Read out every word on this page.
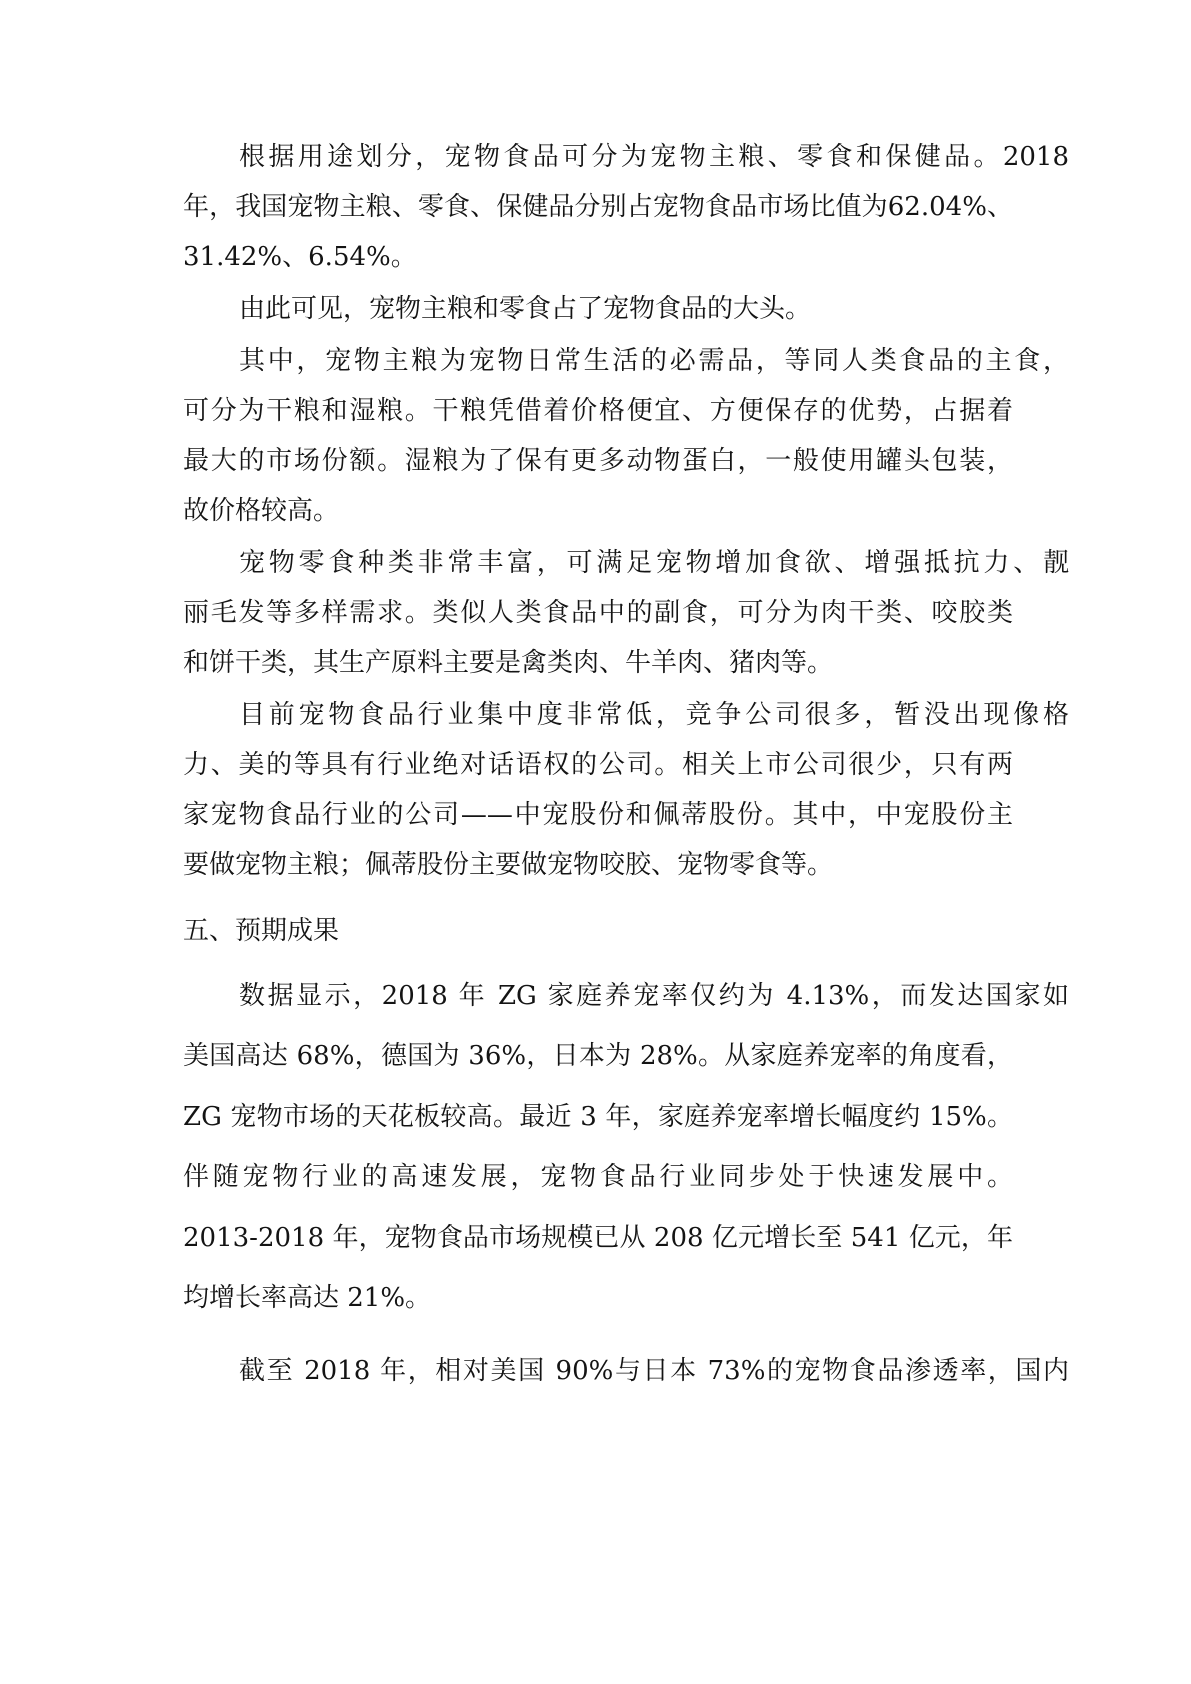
根据用途划分，宠物食品可分为宠物主粮、零食和保健品。2018

年，我国宠物主粮、零食、保健品分别占宠物食品市场比值为62.04%、

31.42%、6.54%。

由此可见，宠物主粮和零食占了宠物食品的大头。

其中，宠物主粮为宠物日常生活的必需品，等同人类食品的主食，

可分为干粮和湿粮。干粮凭借着价格便宜、方便保存的优势，占据着

最大的市场份额。湿粮为了保有更多动物蛋白，一般使用罐头包装，

故价格较高。

宠物零食种类非常丰富，可满足宠物增加食欲、增强抵抗力、靓

丽毛发等多样需求。类似人类食品中的副食，可分为肉干类、咬胶类

和饼干类，其生产原料主要是禽类肉、牛羊肉、猪肉等。

目前宠物食品行业集中度非常低，竞争公司很多，暂没出现像格

力、美的等具有行业绝对话语权的公司。相关上市公司很少，只有两

家宠物食品行业的公司——中宠股份和佩蒂股份。其中，中宠股份主

要做宠物主粮；佩蒂股份主要做宠物咬胶、宠物零食等。

五、预期成果

数据显示，2018 年 ZG 家庭养宠率仅约为 4.13%，而发达国家如

美国高达 68%，德国为 36%，日本为 28%。从家庭养宠率的角度看，

ZG 宠物市场的天花板较高。最近 3 年，家庭养宠率增长幅度约 15%。

伴随宠物行业的高速发展，宠物食品行业同步处于快速发展中。

2013-2018 年，宠物食品市场规模已从 208 亿元增长至 541 亿元，年

均增长率高达 21%。

截至 2018 年，相对美国 90%与日本 73%的宠物食品渗透率，国内
